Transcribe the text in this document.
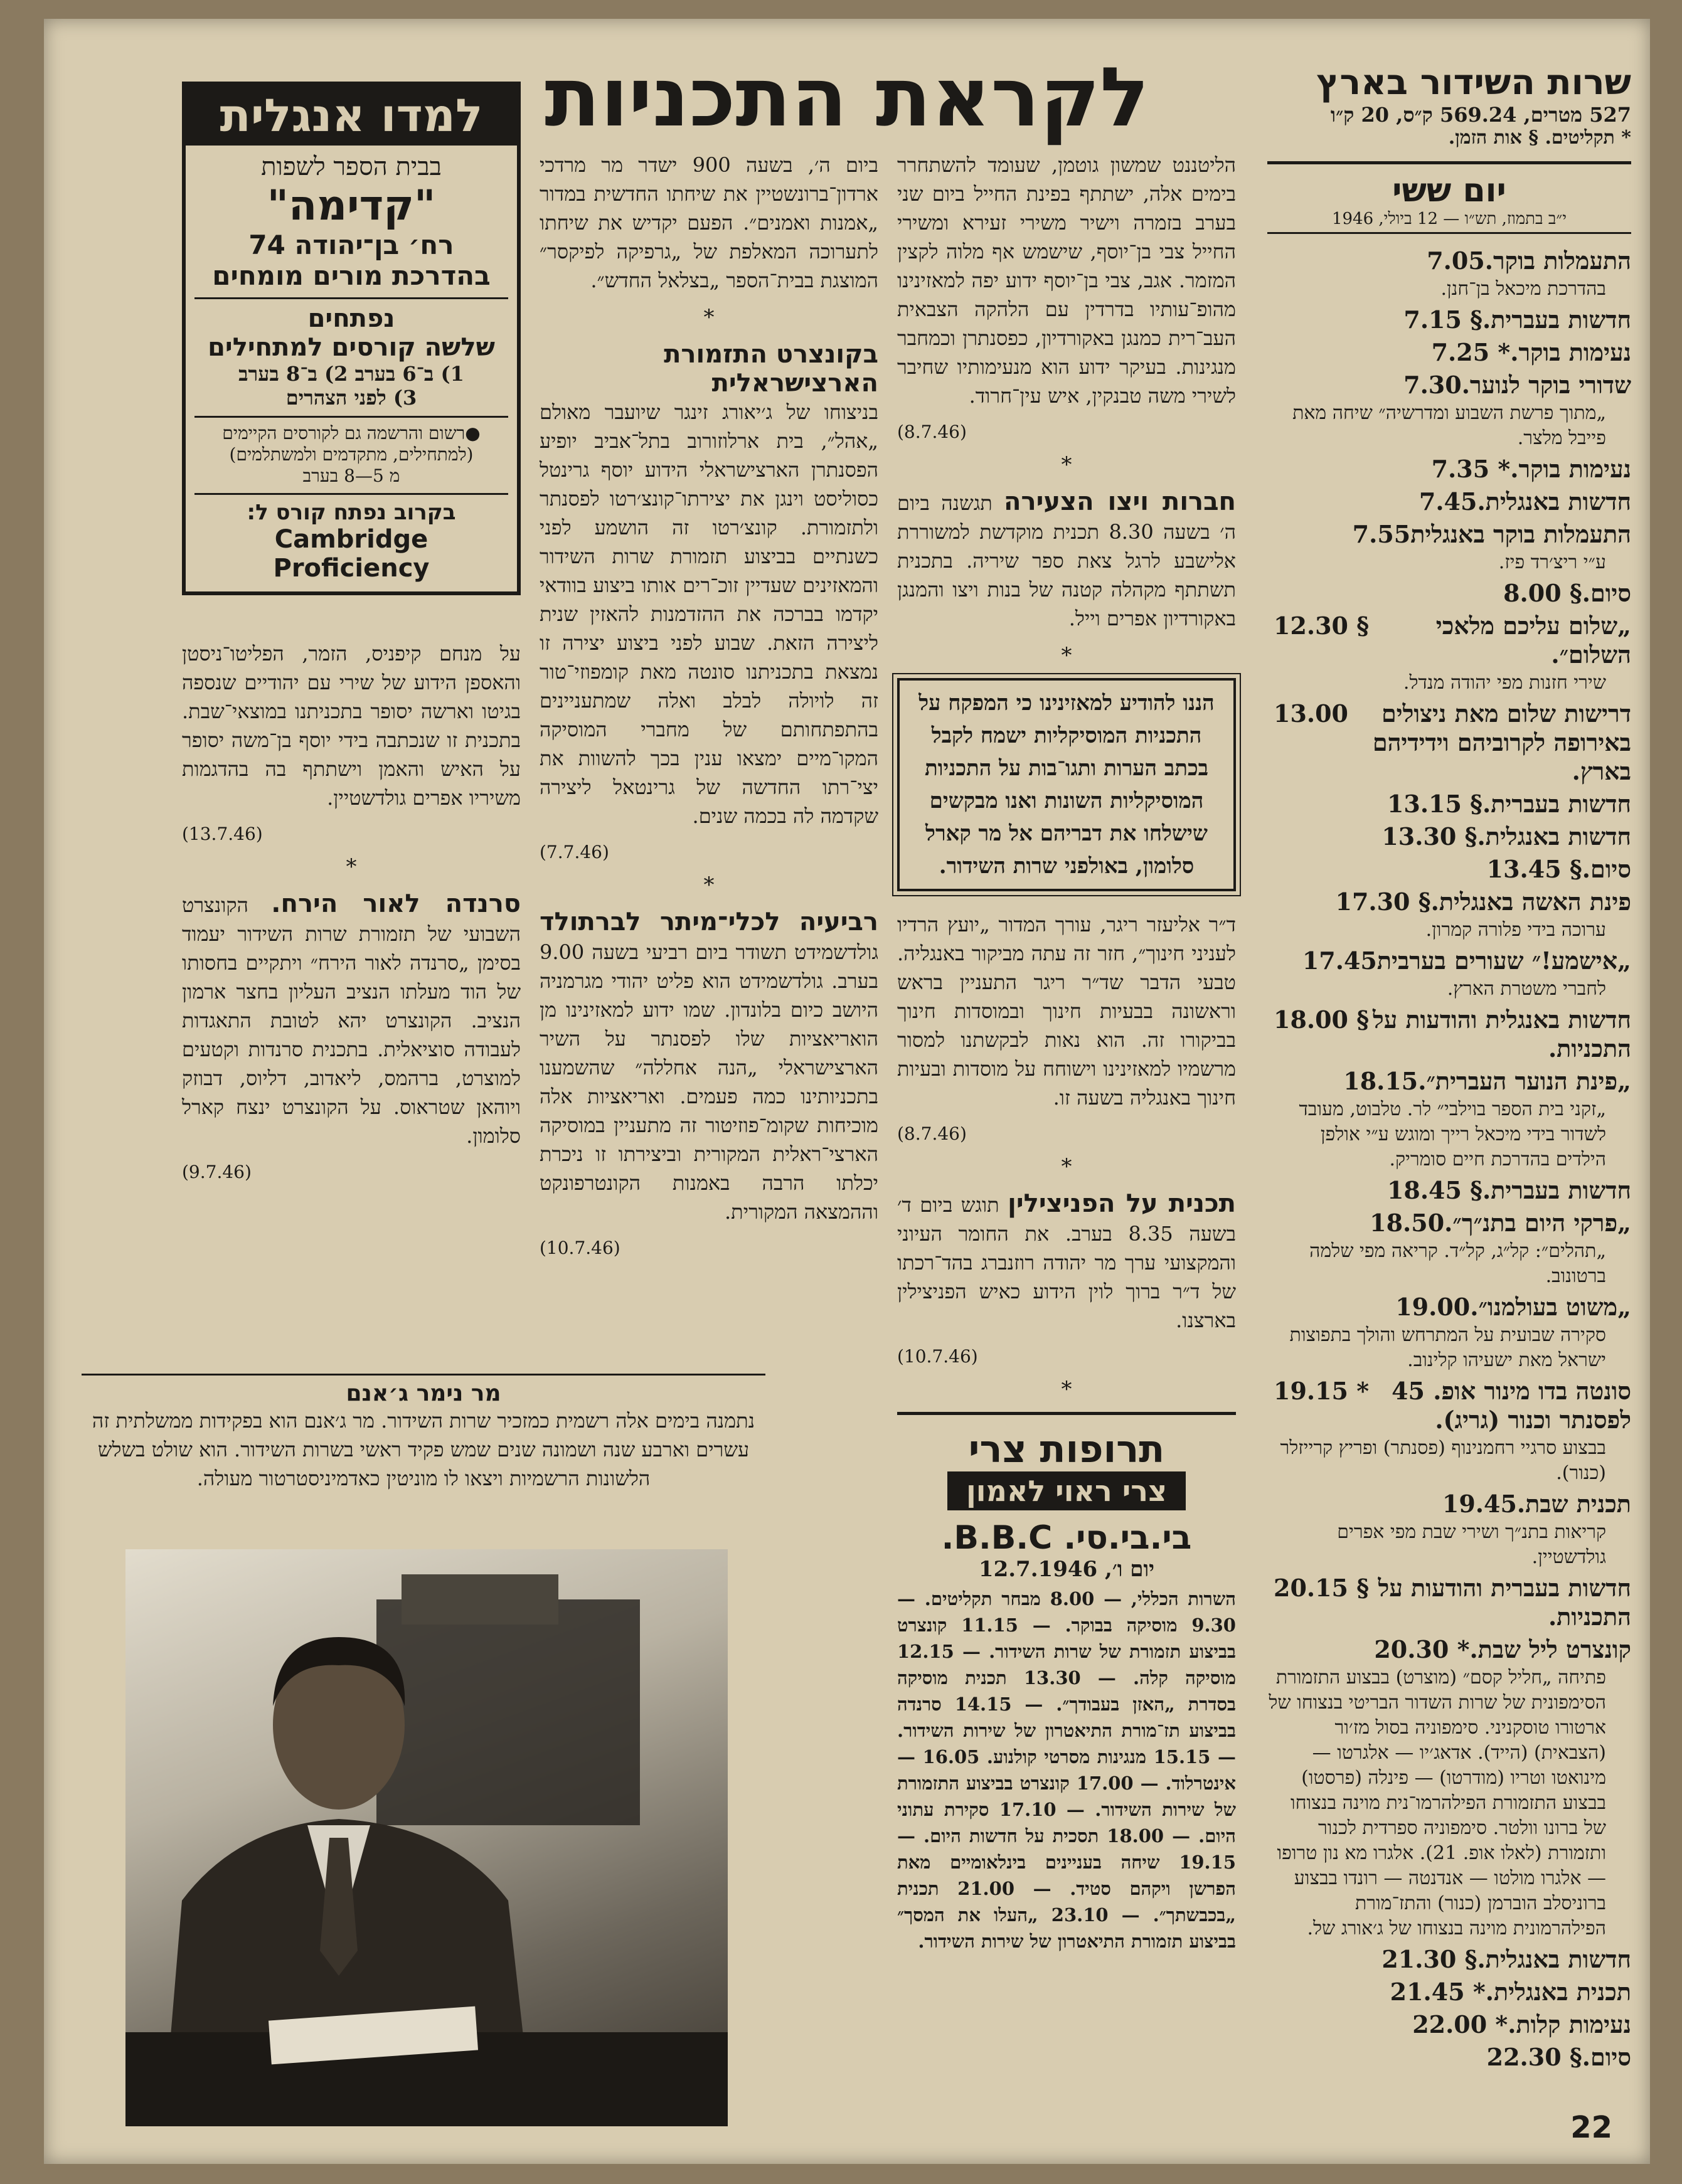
שרות השידור בארץ
527 מטרים, 569.24 ק״ס, 20 ק״ו
* תקליטים. § אות הזמן.
יום ששי
י״ב בתמוז, תש״ו — 12 ביולי, 1946
התעמלות בוקר.
7.05
בהדרכת מיכאל בן־חנן.
חדשות בעברית.
7.15 §
נעימות בוקר.
7.25 *
שדורי בוקר לנוער.
7.30
„מתוך פרשת השבוע ומדרשיה״ שיחה מאת פייבל מלצר.
נעימות בוקר.
7.35 *
חדשות באנגלית.
7.45
התעמלות בוקר באנגלית
7.55
ע״י ריצ׳רד פיז.
סיום.
8.00 §
„שלום עליכם מלאכי השלום״.
12.30 §
שירי חזנות מפי יהודה מנדל.
דרישות שלום מאת ניצולים באירופה לקרוביהם וידידיהם בארץ.
13.00
חדשות בעברית.
13.15 §
חדשות באנגלית.
13.30 §
סיום.
13.45 §
פינת האשה באנגלית.
17.30 §
ערוכה בידי פלורה קמרון.
„אישמע!״ שעורים בערבית
17.45
לחברי משטרת הארץ.
חדשות באנגלית והודעות על התכניות.
18.00 §
„פינת הנוער העברית״.
18.15
„זקני בית הספר בוילבי״ לר. טלבוט, מעובד לשדור בידי מיכאל רייך ומוגש ע״י אולפן הילדים בהדרכת חיים סומריק.
חדשות בעברית.
18.45 §
„פרקי היום בתנ״ך״.
18.50
„תהלים״: קל״ג, קל״ד. קריאה מפי שלמה ברטונוב.
„משוט בעולמנו״.
19.00
סקירה שבועית על המתרחש והולך בתפוצות ישראל מאת ישעיהו קלינוב.
סונטה בדו מינור אופ. 45 לפסנתר וכנור (גריג).
19.15 *
בבצוע סרגיי רחמנינוף (פסנתר) ופריץ קרייזלר (כנור).
תכנית שבת.
19.45
קריאות בתנ״ך ושירי שבת מפי אפרים גולדשטיין.
חדשות בעברית והודעות על התכניות.
20.15 §
קונצרט ליל שבת.
20.30 *
פתיחה „חליל קסם״ (מוצרט) בבצוע התזמורת הסימפונית של שרות השדור הבריטי בנצוחו של ארטורו טוסקניני. סימפוניה בסול מז׳ור (הצבאית) (הייד). אדאג׳יו — אלגרטו — מינואטו וטריו (מודרטו) — פינלה (פרסטו) בבצוע התזמורת הפילהרמו־נית מוינה בנצוחו של ברונו וולטר. סימפוניה ספרדית לכנור ותזמורת (לאלו אופ. 21). אלגרו מא נון טרופו — אלגרו מולטו — אנדנטה — רונדו בבצוע ברוניסלב הוברמן (כנור) והתז־מורת הפילהרמונית מוינה בנצוחו של ג׳אורג של.
חדשות באנגלית.
21.30 §
תכנית באנגלית.
21.45 *
נעימות קלות.
22.00 *
סיום.
22.30 §
לקראת התכניות
הליטננט שמשון גוטמן, שעומד להשתחרר בימים אלה, ישתתף בפינת החייל ביום שני בערב בזמרה וישיר משירי זעירא ומשירי החייל צבי בן־יוסף, שישמש אף מלוה לקצין המזמר. אגב, צבי בן־יוסף ידוע יפה למאזינינו מהופ־עותיו בדרדין עם הלהקה הצבאית העב־רית כמנגן באקורדיון, כפסנתרן וכמחבר מנגינות. בעיקר ידוע הוא מנעימותיו שחיבר לשירי משה טבנקין, איש עין־חרוד.
(8.7.46)
*
חברות ויצו הצעירה תגשנה ביום ה׳ בשעה 8.30 תכנית מוקדשת למשוררת אלישבע לרגל צאת ספר שיריה. בתכנית תשתתף מקהלה קטנה של בנות ויצו והמנגן באקורדיון אפרים וייל.
*
הננו להודיע למאזינינו כי המפקח על התכניות המוסיקליות ישמח לקבל בכתב הערות ותגו־בות על התכניות המוסיקליות השונות ואנו מבקשים שישלחו את דבריהם אל מר קארל סלומון, באולפני שרות השידור.
ד״ר אליעזר ריגר, עורך המדור „יועץ הרדיו לעניני חינוך״, חזר זה עתה מביקור באנגליה. טבעי הדבר שד״ר ריגר התעניין בראש וראשונה בבעיות חינוך ובמוסדות חינוך בביקורו זה. הוא נאות לבקשתנו למסור מרשמיו למאזינינו וישוחח על מוסדות ובעיות חינוך באנגליה בשעה זו.
(8.7.46)
*
תכנית על הפניצילין תוגש ביום ד׳ בשעה 8.35 בערב. את החומר העיוני והמקצועי ערך מר יהודה רוזנברג בהד־רכתו של ד״ר ברוך לוין הידוע כאיש הפניצילין בארצנו.
(10.7.46)
*
תרופות צרי
צרי ראוי לאמון
בי.בי.סי. B.B.C.
יום ו׳, 12.7.1946
השרות הכללי, — 8.00 מבחר תקליטים. — 9.30 מוסיקה בבוקר. — 11.15 קונצרט בביצוע תזמורת של שרות השידור. — 12.15 מוסיקה קלה. — 13.30 תכנית מוסיקה בסדרת „האזן בעבודך״. — 14.15 סרנדה בביצוע תז־מורת התיאטרון של שירות השידור. — 15.15 מנגינות מסרטי קולנוע. 16.05 — אינטרלוד. — 17.00 קונצרט בביצוע התזמורת של שירות השידור. — 17.10 סקירת עתוני היום. — 18.00 תסכית על חדשות היום. — 19.15 שיחה בעניינים בינלאומיים מאת הפרשן ויקהם סטיד. — 21.00 תכנית „בכבשתך״. — 23.10 „העלו את המסך״ בביצוע תזמורת התיאטרון של שירות השידור.
ביום ה׳, בשעה 900 ישדר מר מרדכי ארדון־ברונשטיין את שיחתו החדשית במדור „אמנות ואמנים״. הפעם יקדיש את שיחתו לתערוכה המאלפת של „גרפיקה לפיקסר״ המוצגת בבית־הספר „בצלאל החדש״.
*
בקונצרט התזמורת הארצישראלית
בניצוחו של ג׳יאורג זינגר שיועבר מאולם „אהל״, בית ארלוזורוב בתל־אביב יופיע הפסנתרן הארצישראלי הידוע יוסף גרינטל כסוליסט וינגן את יצירתו־קונצ׳רטו לפסנתר ולתזמורת. קונצ׳רטו זה הושמע לפני כשנתיים בביצוע תזמורת שרות השידור והמאזינים שעדיין זוכ־רים אותו ביצוע בוודאי יקדמו בברכה את ההזדמנות להאזין שנית ליצירה הזאת. שבוע לפני ביצוע יצירה זו נמצאת בתכניתנו סונטה מאת קומפוזי־טור זה לויולה לבלב ואלה שמתעניינים בהתפתחותם של מחברי המוסיקה המקו־מיים ימצאו ענין בכך להשוות את יצי־רתו החדשה של גרינטאל ליצירה שקדמה לה בכמה שנים.
(7.7.46)
*
רביעיה לכלי־מיתר לברתולד גולדשמידט תשודר ביום רביעי בשעה 9.00 בערב. גולדשמידט הוא פליט יהודי מגרמניה היושב כיום בלונדון. שמו ידוע למאזינינו מן הואריאציות שלו לפסנתר על השיר הארצישראלי „הנה אחללה״ שהשמענו בתכניותינו כמה פעמים. ואריאציות אלה מוכיחות שקומ־פוזיטור זה מתעניין במוסיקה הארצי־ראלית המקורית וביצירתו זו ניכרת יכלתו הרבה באמנות הקונטרפונקט וההמצאה המקורית.
(10.7.46)
למדו אנגלית
בבית הספר לשפות
"קדימה"
רח׳ בן־יהודה 74
בהדרכת מורים מומחים
נפתחים
שלשה קורסים למתחילים
1) ב־6 בערב 2) ב־8 בערב
3) לפני הצהרים
●רשום והרשמה גם לקורסים הקיימים
(למתחילים, מתקדמים ולמשתלמים)
מ 5—8 בערב
בקרוב נפתח קורס ל:
Cambridge Proficiency
על מנחם קיפניס, הזמר, הפליטו־ניסטן והאספן הידוע של שירי עם יהודיים שנספה בגיטו וארשה יסופר בתכניתנו במוצאי־שבת. בתכנית זו שנכתבה בידי יוסף בן־משה יסופר על האיש והאמן וישתתף בה בהדגמות משיריו אפרים גולדשטיין.
(13.7.46)
*
סרנדה לאור הירח. הקונצרט השבועי של תזמורת שרות השידור יעמוד בסימן „סרנדה לאור הירח״ ויתקיים בחסותו של הוד מעלתו הנציב העליון בחצר ארמון הנציב. הקונצרט יהא לטובת התאגדות לעבודה סוציאלית. בתכנית סרנדות וקטעים למוצרט, ברהמס, ליאדוב, דליוס, דבוזק ויוהאן שטראוס. על הקונצרט ינצח קארל סלומון.
(9.7.46)
מר נימר ג׳אנם
נתמנה בימים אלה רשמית כמזכיר שרות השידור. מר ג׳אנם הוא בפקידות ממשלתית זה עשרים וארבע שנה ושמונה שנים שמש פקיד ראשי בשרות השידור. הוא שולט בשלש הלשונות הרשמיות ויצאו לו מוניטין כאדמיניסטרטור מעולה.
22
